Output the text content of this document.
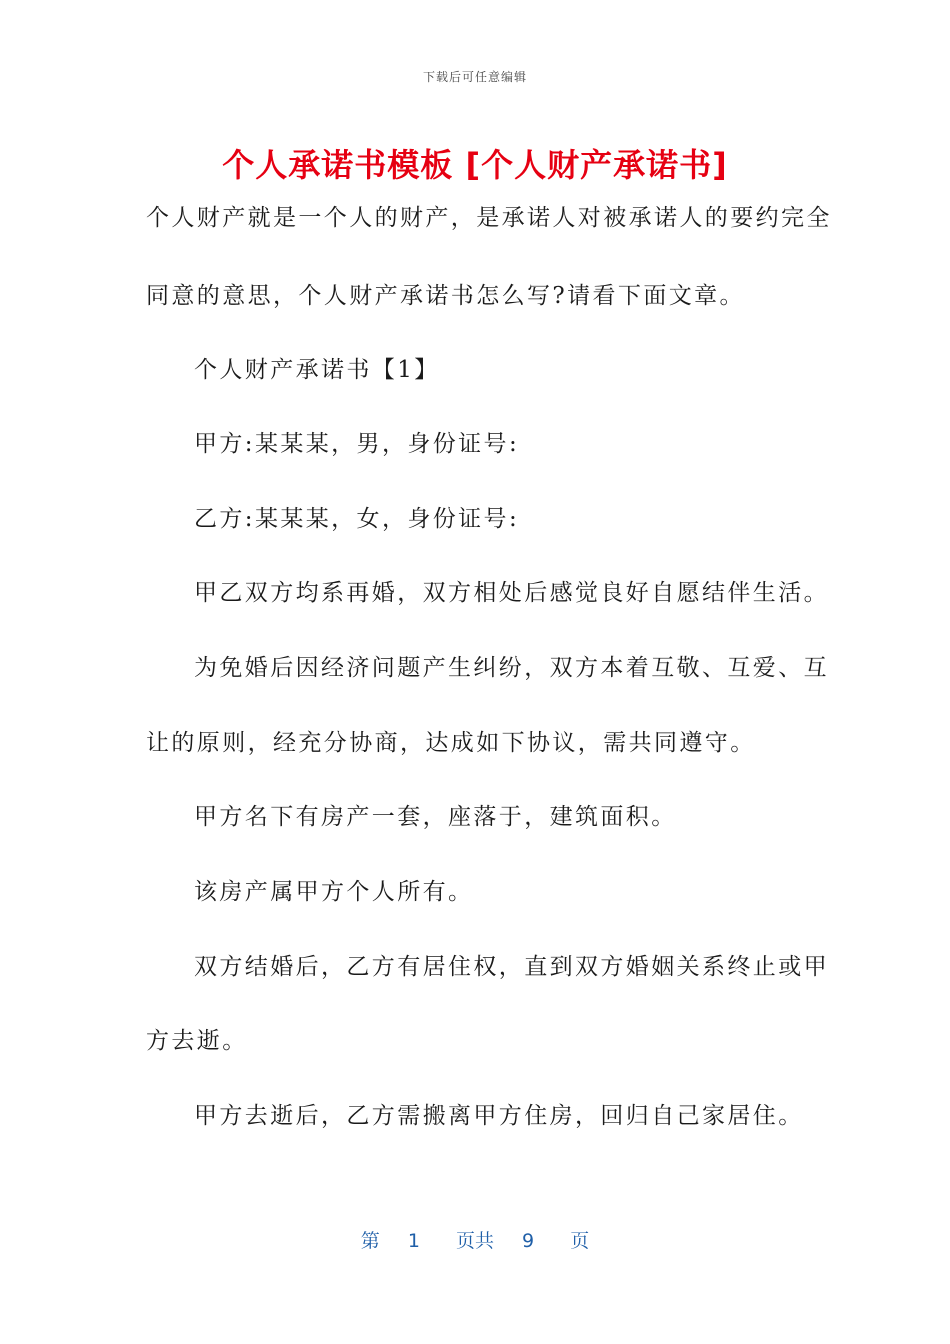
下载后可任意编辑
个人承诺书模板 [个人财产承诺书]
个人财产就是一个人的财产，是承诺人对被承诺人的要约完全
同意的意思，个人财产承诺书怎么写?请看下面文章。
个人财产承诺书【1】
甲方:某某某，男，身份证号:
乙方:某某某，女，身份证号:
甲乙双方均系再婚，双方相处后感觉良好自愿结伴生活。
为免婚后因经济问题产生纠纷，双方本着互敬、互爱、互
让的原则，经充分协商，达成如下协议，需共同遵守。
甲方名下有房产一套，座落于，建筑面积。
该房产属甲方个人所有。
双方结婚后，乙方有居住权，直到双方婚姻关系终止或甲
方去逝。
甲方去逝后，乙方需搬离甲方住房，回归自己家居住。
第 1 页共 9 页
